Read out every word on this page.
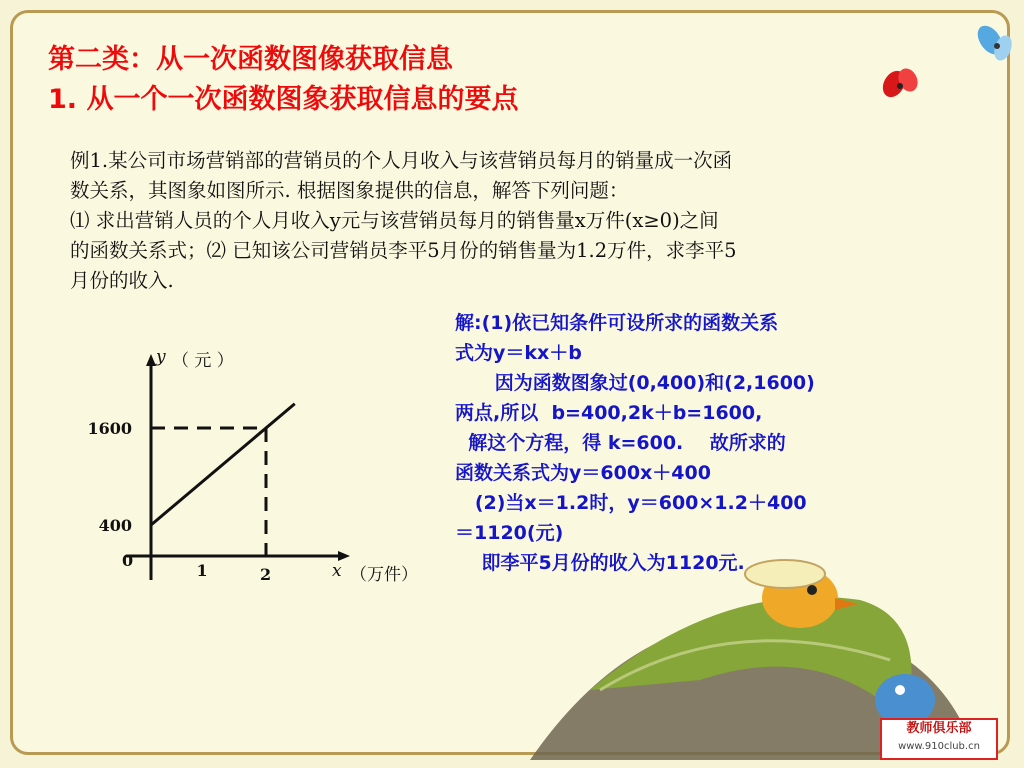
第二类：从一次函数图像获取信息
1. 从一个一次函数图象获取信息的要点

例1.某公司市场营销部的营销员的个人月收入与该营销员每月的销量成一次函

数关系，其图象如图所示. 根据图象提供的信息，解答下列问题：

⑴ 求出营销人员的个人月收入y元与该营销员每月的销售量x万件(x≥0)之间

的函数关系式；⑵ 已知该公司营销员李平5月份的销售量为1.2万件，求李平5

月份的收入.

解:(1)依已知条件可设所求的函数关系

式为y＝kx＋b

因为函数图象过(0,400)和(2,1600)

两点,所以  b=400,2k＋b=1600,

解这个方程，得 k=600.    故所求的

函数关系式为y＝600x＋400

(2)当x＝1.2时，y＝600×1.2＋400

＝1120(元)

即李平5月份的收入为1120元.

y （ 元 ）
x （万件）
0
1	2
400
1600
教师俱乐部
www.910club.cn
